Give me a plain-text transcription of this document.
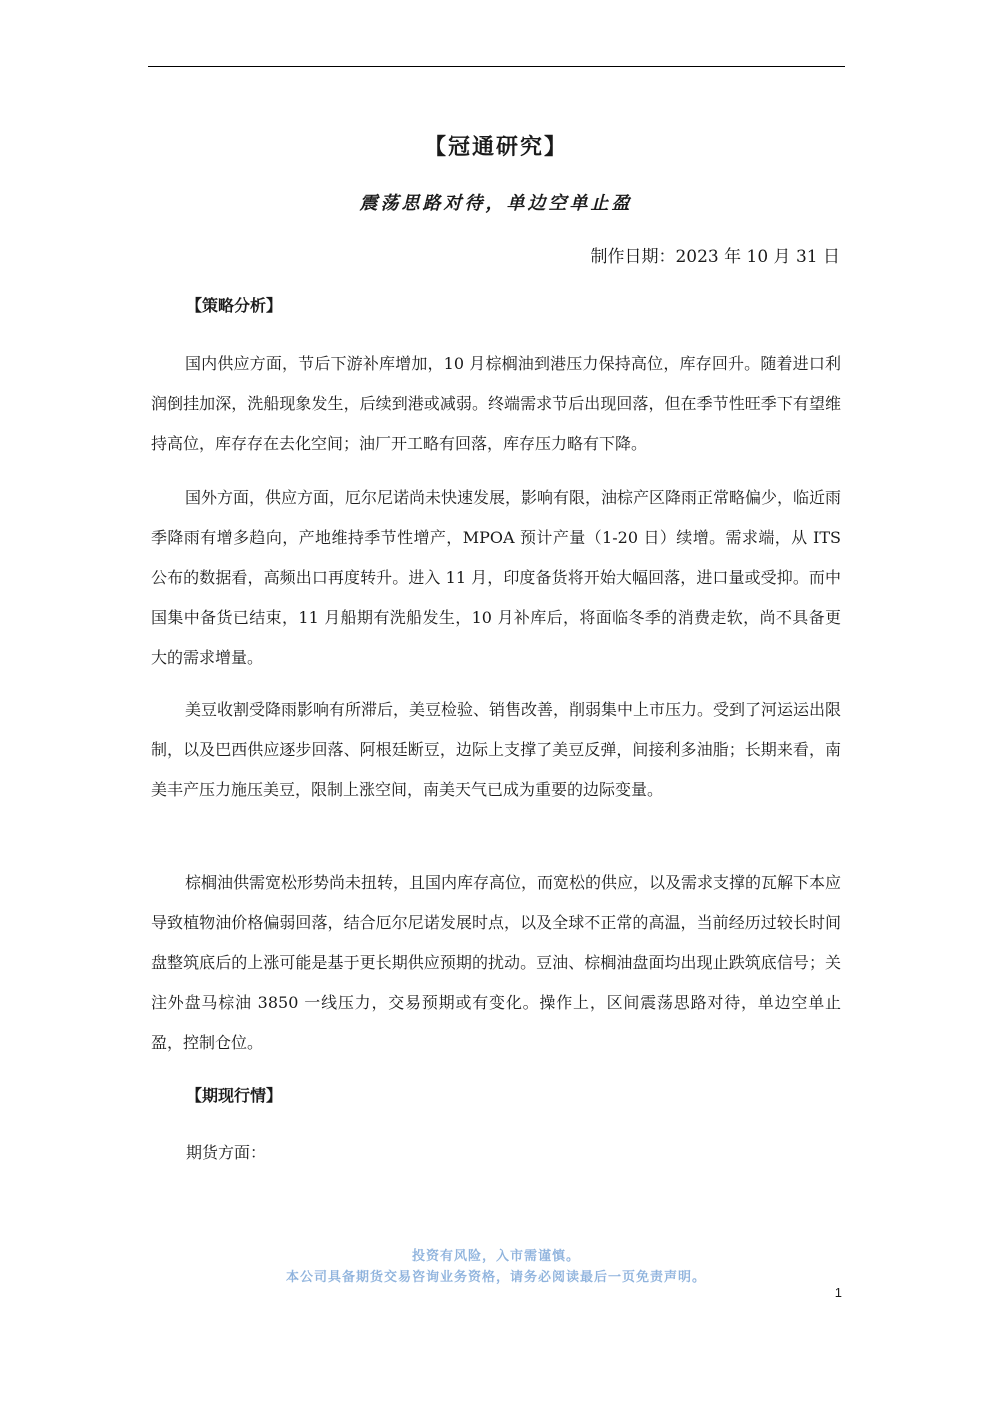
【冠通研究】
震荡思路对待，单边空单止盈
制作日期：2023 年 10 月 31 日
【策略分析】

国内供应方面，节后下游补库增加，10 月棕榈油到港压力保持高位，库存回升。随着进口利润倒挂加深，洗船现象发生，后续到港或减弱。终端需求节后出现回落，但在季节性旺季下有望维持高位，库存存在去化空间；油厂开工略有回落，库存压力略有下降。

国外方面，供应方面，厄尔尼诺尚未快速发展，影响有限，油棕产区降雨正常略偏少，临近雨季降雨有增多趋向，产地维持季节性增产，MPOA 预计产量（1-20 日）续增。需求端，从 ITS 公布的数据看，高频出口再度转升。进入 11 月，印度备货将开始大幅回落，进口量或受抑。而中国集中备货已结束，11 月船期有洗船发生，10 月补库后，将面临冬季的消费走软，尚不具备更大的需求增量。

美豆收割受降雨影响有所滞后，美豆检验、销售改善，削弱集中上市压力。受到了河运运出限制，以及巴西供应逐步回落、阿根廷断豆，边际上支撑了美豆反弹，间接利多油脂；长期来看，南美丰产压力施压美豆，限制上涨空间，南美天气已成为重要的边际变量。

棕榈油供需宽松形势尚未扭转，且国内库存高位，而宽松的供应，以及需求支撑的瓦解下本应导致植物油价格偏弱回落，结合厄尔尼诺发展时点，以及全球不正常的高温，当前经历过较长时间盘整筑底后的上涨可能是基于更长期供应预期的扰动。豆油、棕榈油盘面均出现止跌筑底信号；关注外盘马棕油 3850 一线压力，交易预期或有变化。操作上，区间震荡思路对待，单边空单止盈，控制仓位。

【期现行情】
期货方面：
投资有风险，入市需谨慎。
本公司具备期货交易咨询业务资格，请务必阅读最后一页免责声明。
1
